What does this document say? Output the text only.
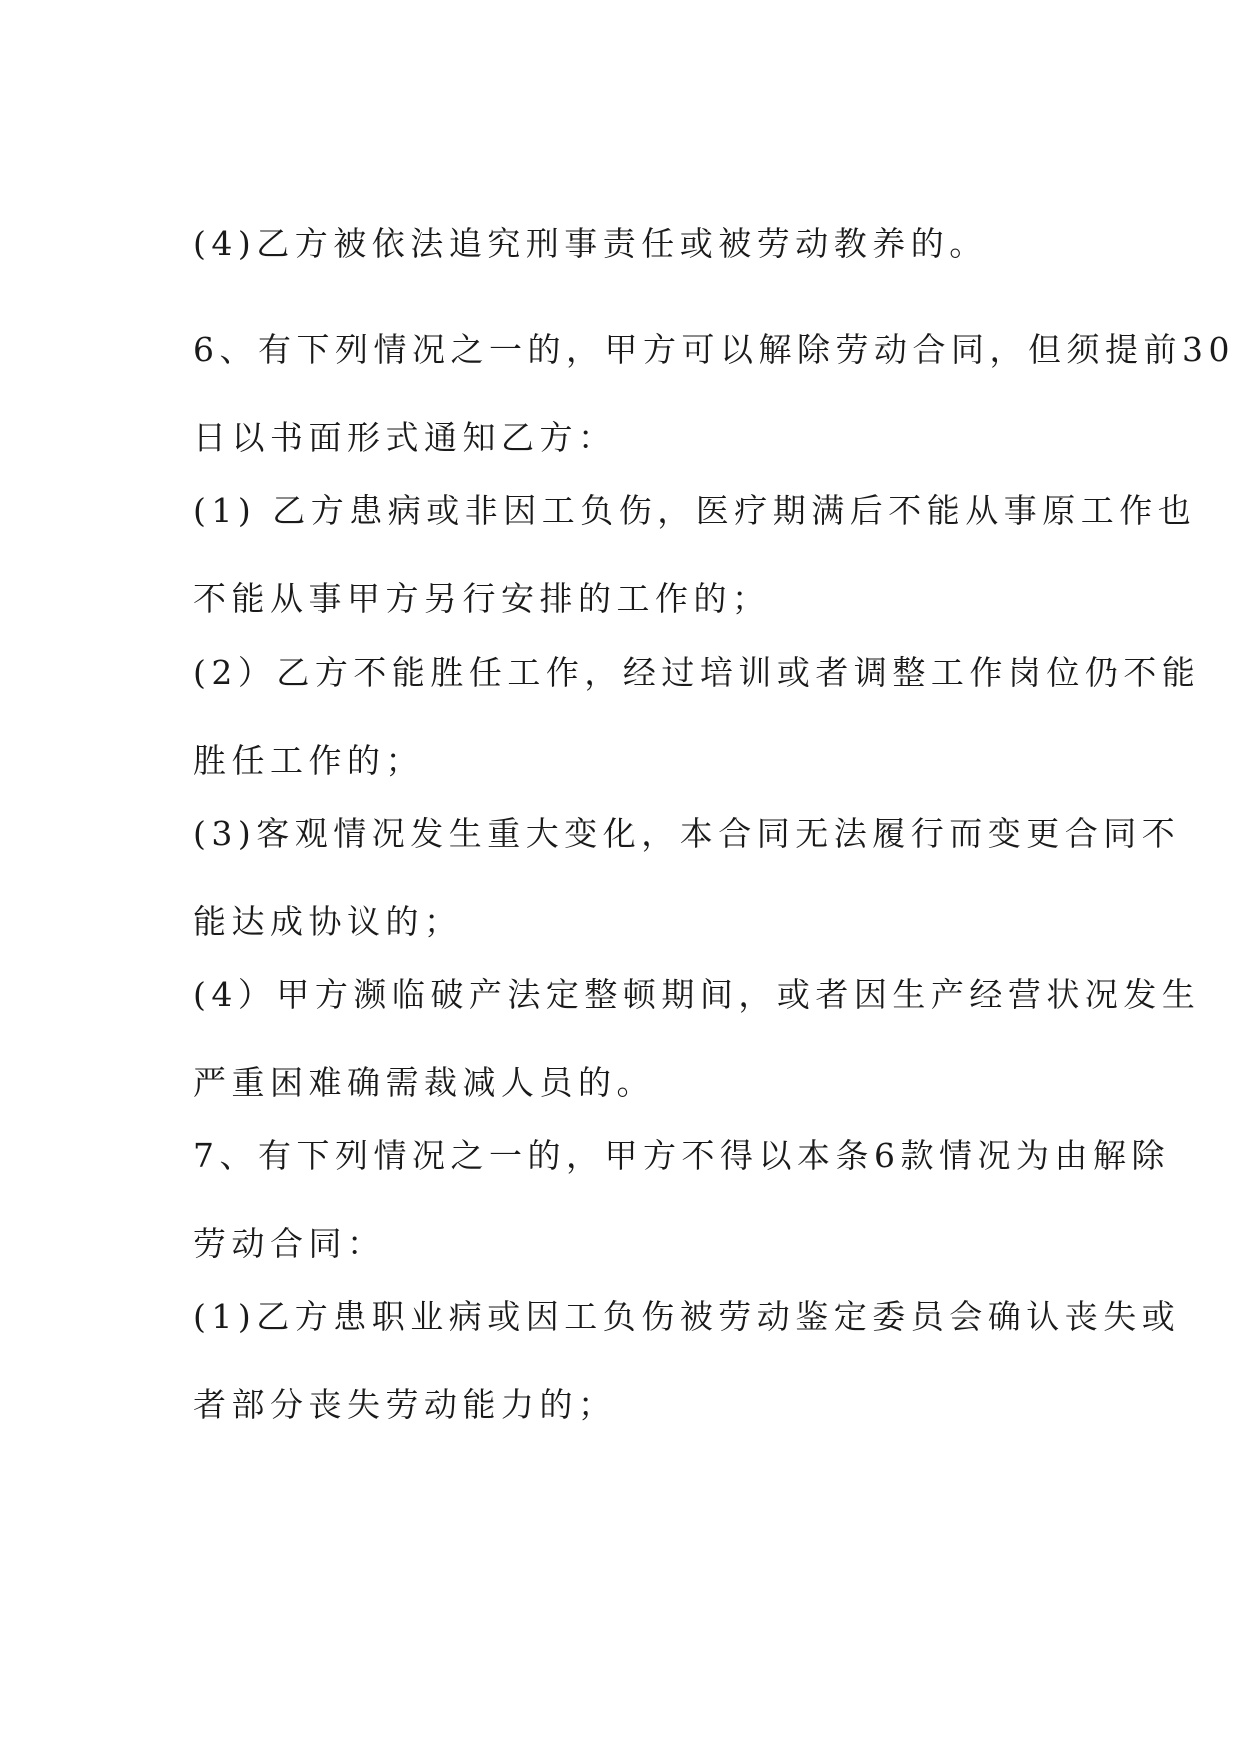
(4)乙方被依法追究刑事责任或被劳动教养的。

6、有下列情况之一的，甲方可以解除劳动合同，但须提前30
日以书面形式通知乙方：

(1) 乙方患病或非因工负伤，医疗期满后不能从事原工作也
不能从事甲方另行安排的工作的；

(2）乙方不能胜任工作，经过培训或者调整工作岗位仍不能
胜任工作的；

(3)客观情况发生重大变化，本合同无法履行而变更合同不
能达成协议的；

(4）甲方濒临破产法定整顿期间，或者因生产经营状况发生
严重困难确需裁减人员的。

7、有下列情况之一的，甲方不得以本条6款情况为由解除
劳动合同：

(1)乙方患职业病或因工负伤被劳动鉴定委员会确认丧失或
者部分丧失劳动能力的；
